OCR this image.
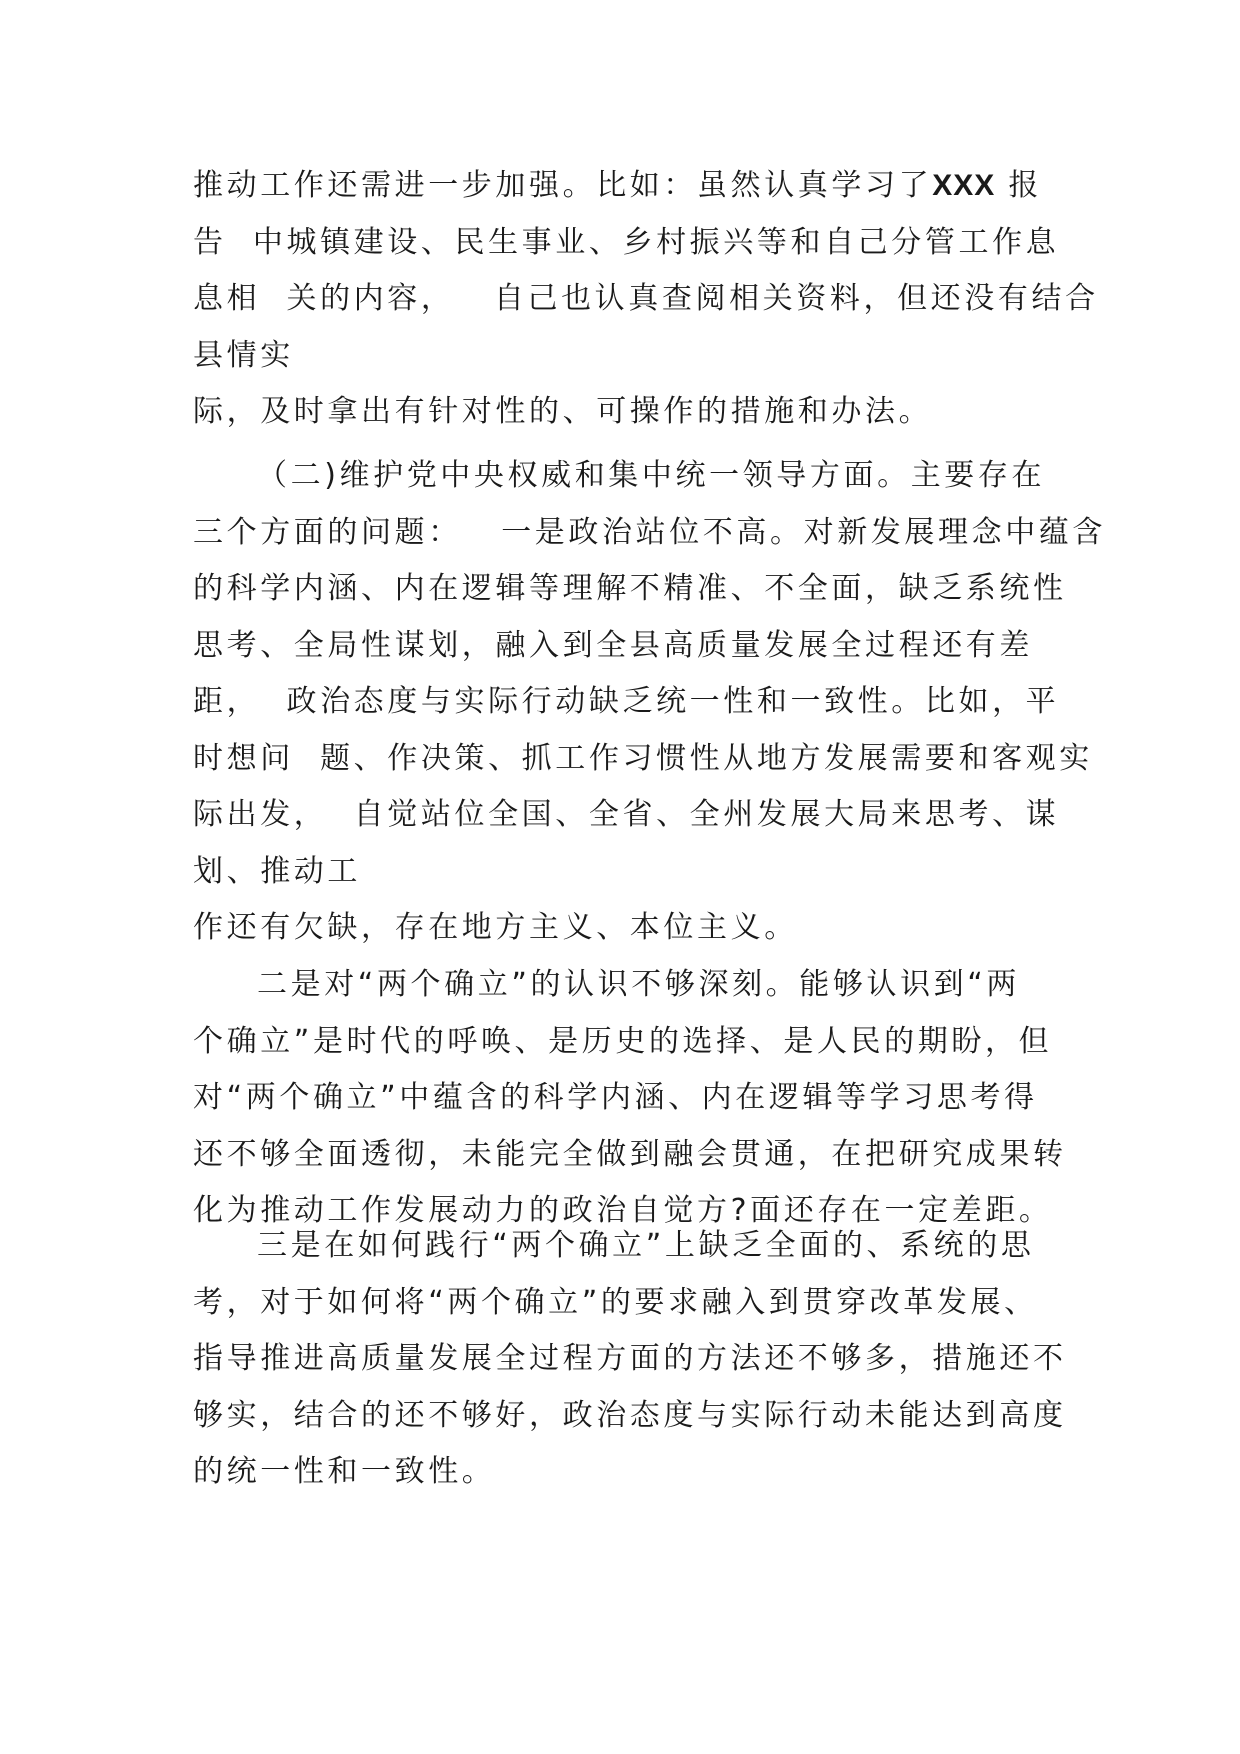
推动工作还需进一步加强。比如：虽然认真学习了XXX 报
告  中城镇建设、民生事业、乡村振兴等和自己分管工作息
息相  关的内容，   自己也认真查阅相关资料，但还没有结合
县情实
际，及时拿出有针对性的、可操作的措施和办法。
（二)维护党中央权威和集中统一领导方面。主要存在
三个方面的问题：   一是政治站位不高。对新发展理念中蕴含
的科学内涵、内在逻辑等理解不精准、不全面，缺乏系统性
思考、全局性谋划，融入到全县高质量发展全过程还有差
距，  政治态度与实际行动缺乏统一性和一致性。比如，平
时想问  题、作决策、抓工作习惯性从地方发展需要和客观实
际出发，  自觉站位全国、全省、全州发展大局来思考、谋
划、推动工
作还有欠缺，存在地方主义、本位主义。
二是对“两个确立”的认识不够深刻。能够认识到“两
个确立”是时代的呼唤、是历史的选择、是人民的期盼，但
对“两个确立”中蕴含的科学内涵、内在逻辑等学习思考得
还不够全面透彻，未能完全做到融会贯通，在把研究成果转
化为推动工作发展动力的政治自觉方?面还存在一定差距。
三是在如何践行“两个确立”上缺乏全面的、系统的思
考，对于如何将“两个确立”的要求融入到贯穿改革发展、
指导推进高质量发展全过程方面的方法还不够多，措施还不
够实，结合的还不够好，政治态度与实际行动未能达到高度
的统一性和一致性。
